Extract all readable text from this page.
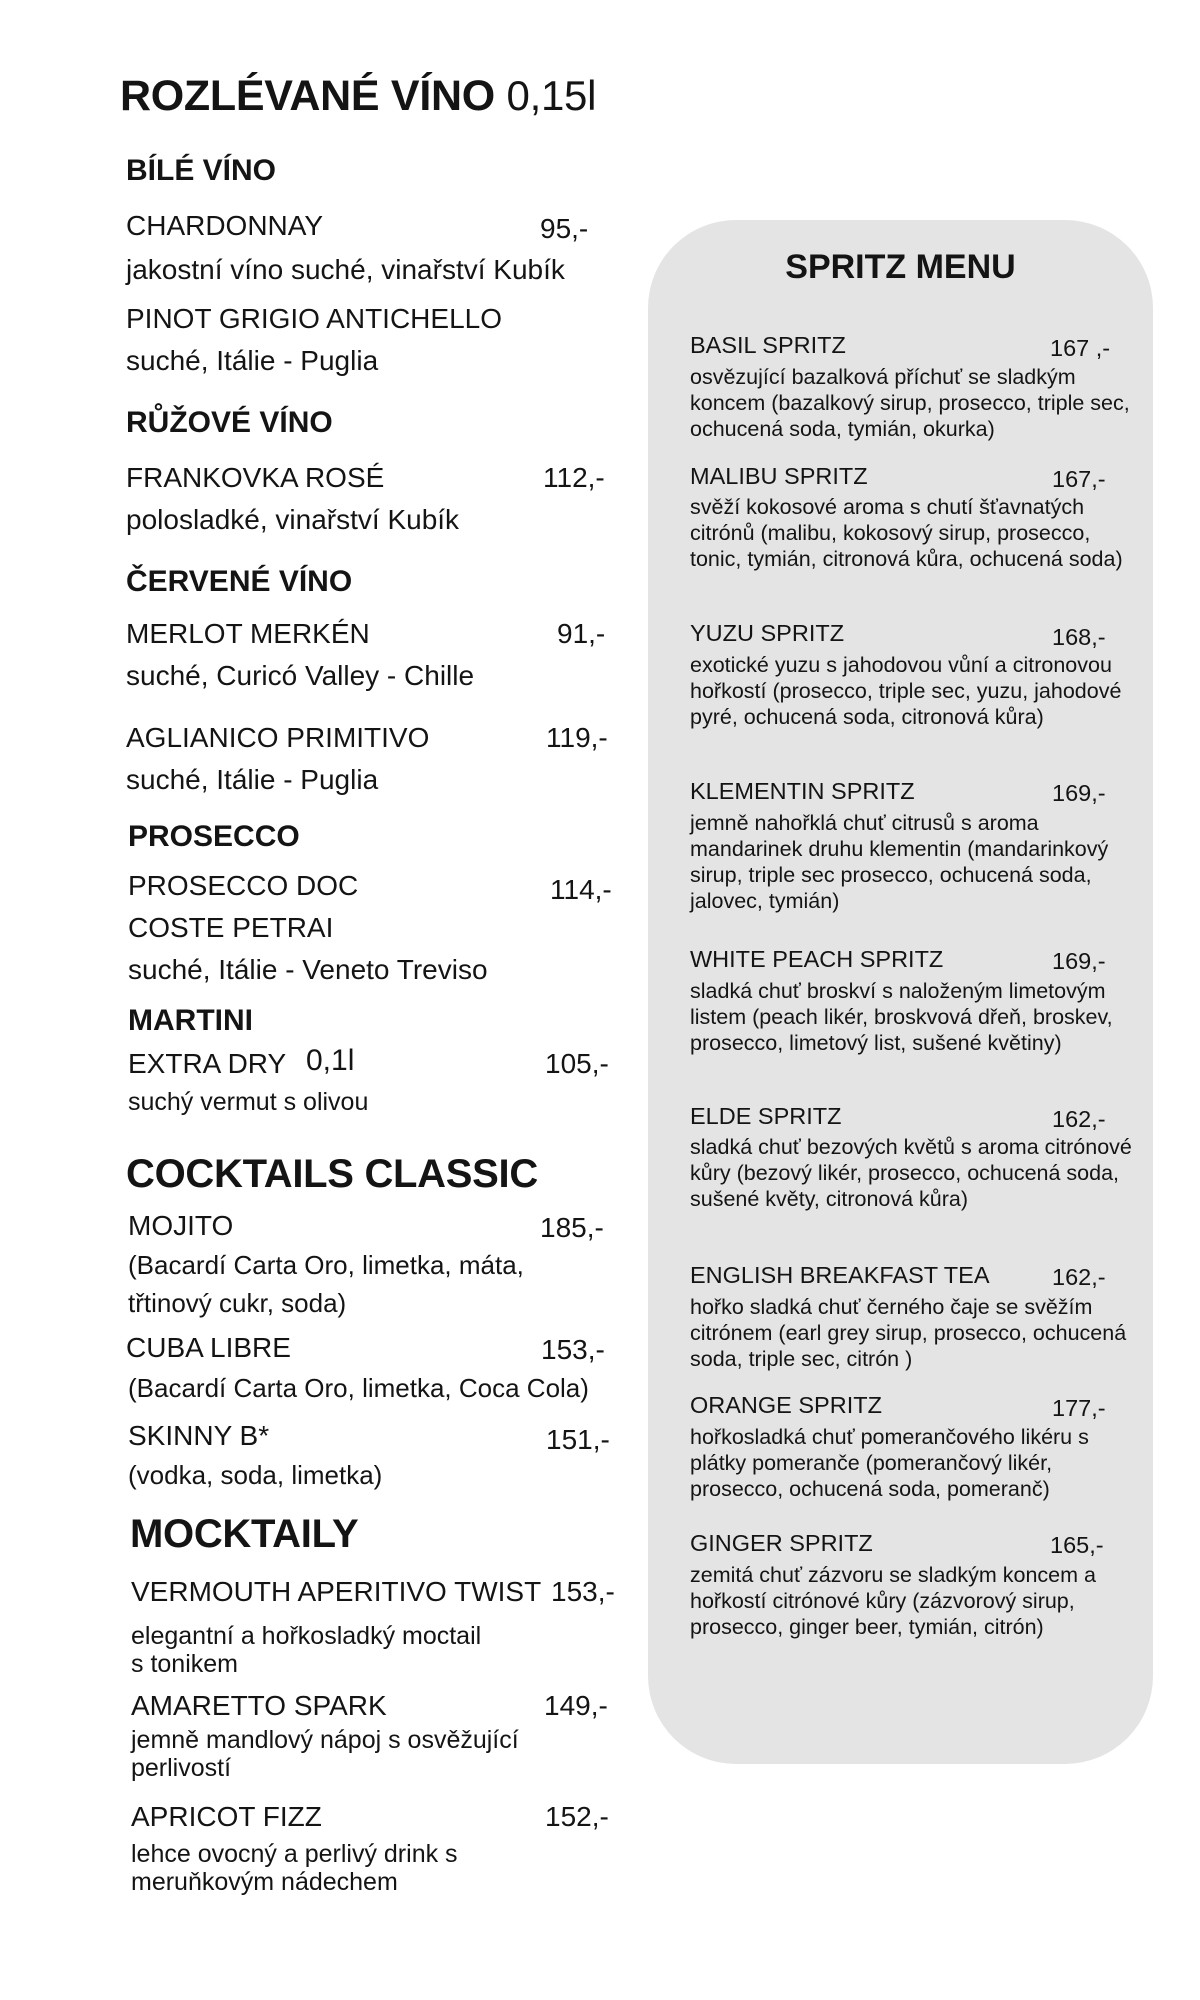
ROZLÉVANÉ VÍNO 0,15l
BÍLÉ VÍNO
CHARDONNAY	95,-
jakostní víno suché, vinařství Kubík
PINOT GRIGIO ANTICHELLO
suché, Itálie - Puglia
RŮŽOVÉ VÍNO
FRANKOVKA ROSÉ	112,-
polosladké, vinařství Kubík
ČERVENÉ VÍNO
MERLOT MERKÉN	91,-
suché, Curicó Valley - Chille
AGLIANICO PRIMITIVO	119,-
suché, Itálie - Puglia
PROSECCO
PROSECCO DOC	114,-
COSTE PETRAI
suché, Itálie - Veneto Treviso
MARTINI
EXTRA DRY 0,1l	105,-
suchý vermut s olivou
COCKTAILS CLASSIC
MOJITO	185,-
(Bacardí Carta Oro, limetka, máta,
třtinový cukr, soda)
CUBA LIBRE	153,-
(Bacardí Carta Oro, limetka, Coca Cola)
SKINNY B*	151,-
(vodka, soda, limetka)
MOCKTAILY
VERMOUTH APERITIVO TWIST 153,-
elegantní a hořkosladký moctail
s tonikem
AMARETTO SPARK	149,-
jemně mandlový nápoj s osvěžující
perlivostí
APRICOT FIZZ	152,-
lehce ovocný a perlivý drink s
meruňkovým nádechem
SPRITZ MENU
BASIL SPRITZ	167 ,-
osvězující bazalková příchuť se sladkým koncem (bazalkový sirup, prosecco, triple sec, ochucená soda, tymián, okurka)
MALIBU SPRITZ	167,-
svěží kokosové aroma s chutí šťavnatých citrónů (malibu, kokosový sirup, prosecco, tonic, tymián, citronová kůra, ochucená soda)
YUZU SPRITZ	168,-
exotické yuzu s jahodovou vůní a citronovou hořkostí (prosecco, triple sec, yuzu, jahodové pyré, ochucená soda, citronová kůra)
KLEMENTIN SPRITZ	169,-
jemně nahořklá chuť citrusů s aroma mandarinek druhu klementin (mandarinkový sirup, triple sec prosecco, ochucená soda, jalovec, tymián)
WHITE PEACH SPRITZ	169,-
sladká chuť broskví s naloženým limetovým listem (peach likér, broskvová dřeň, broskev, prosecco, limetový list, sušené květiny)
ELDE SPRITZ	162,-
sladká chuť bezových květů s aroma citrónové kůry (bezový likér, prosecco, ochucená soda, sušené květy, citronová kůra)
ENGLISH BREAKFAST TEA	162,-
hořko sladká chuť černého čaje se svěžím citrónem (earl grey sirup, prosecco, ochucená soda, triple sec, citrón )
ORANGE SPRITZ	177,-
hořkosladká chuť pomerančového likéru s plátky pomeranče (pomerančový likér, prosecco, ochucená soda, pomeranč)
GINGER SPRITZ	165,-
zemitá chuť zázvoru se sladkým koncem a hořkostí citrónové kůry (zázvorový sirup, prosecco, ginger beer, tymián, citrón)
